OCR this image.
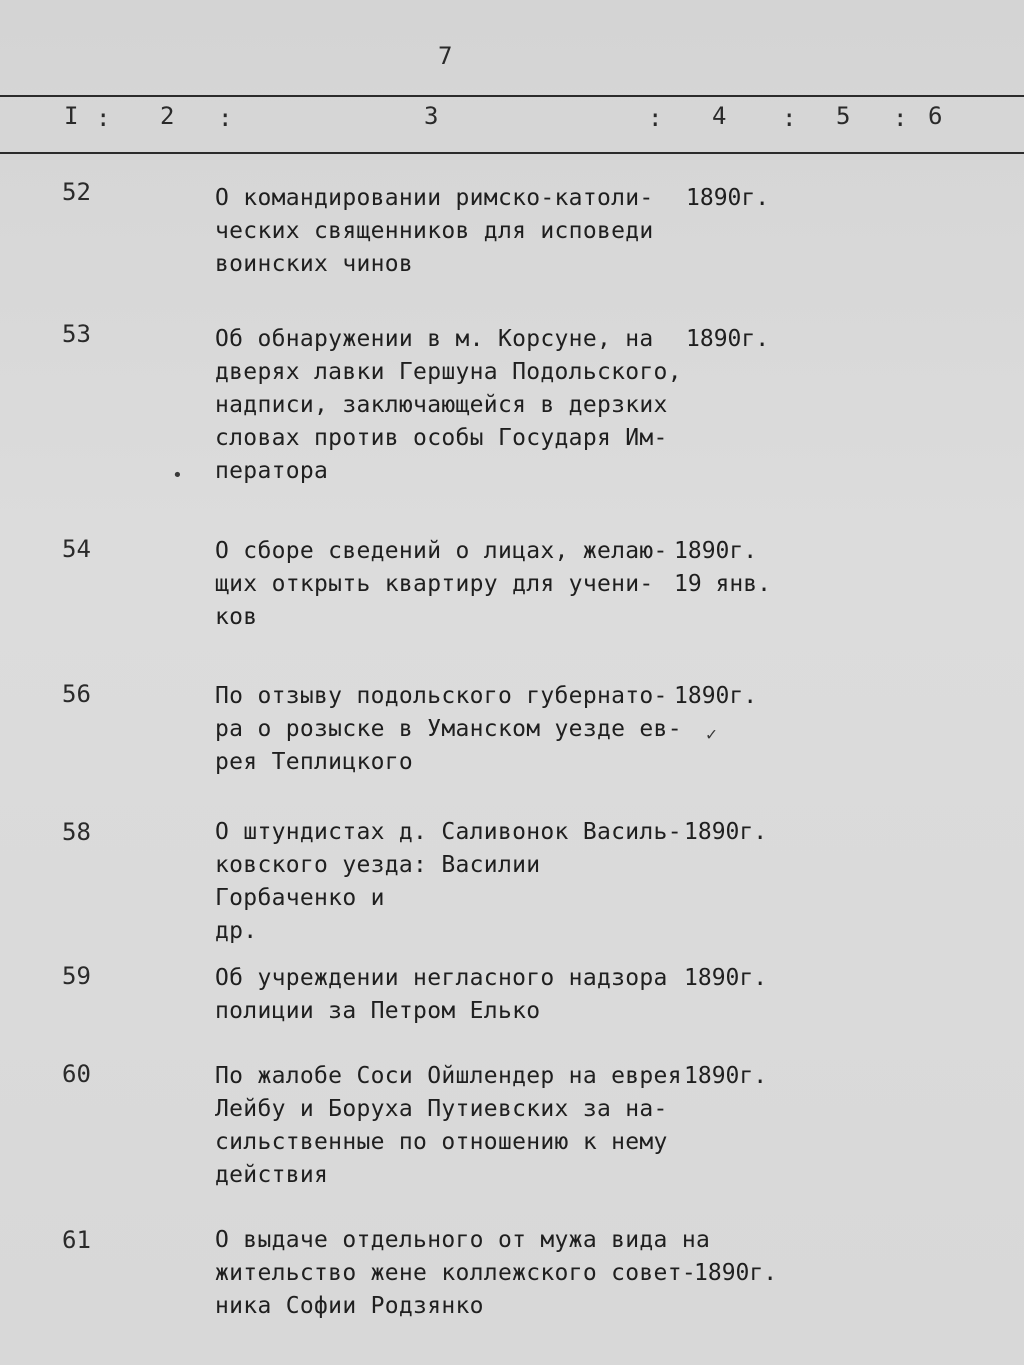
7
I : 2 :	3	: 4 : 5 : 6
52	О командировании римско-католи-
ческих священников для исповеди
воинских чинов

1890г.

53	Об обнаружении в м. Корсуне, на
дверях лавки Гершуна Подольского,
надписи, заключающейся в дерзких
словах против особы Государя Им-
ператора

1890г.

•
54	О сборе сведений о лицах, желаю-
щих открыть квартиру для учени-
ков

1890г.
19 янв.

56	По отзыву подольского губернато-
ра о розыске в Уманском уезде ев-
рея Теплицкого

1890г.

✓
58	О штундистах д. Саливонок Василь-
ковского уезда: Василии Горбаченко и
др.

1890г.

59	Об учреждении негласного надзора
полиции за Петром Елько

1890г.

60	По жалобе Соси Ойшлендер на еврея
Лейбу и Боруха Путиевских за на-
сильственные по отношению к нему
действия

1890г.

61	О выдаче отдельного от мужа вида на
жительство жене коллежского совет-
ника Софии Родзянко

1890г.
